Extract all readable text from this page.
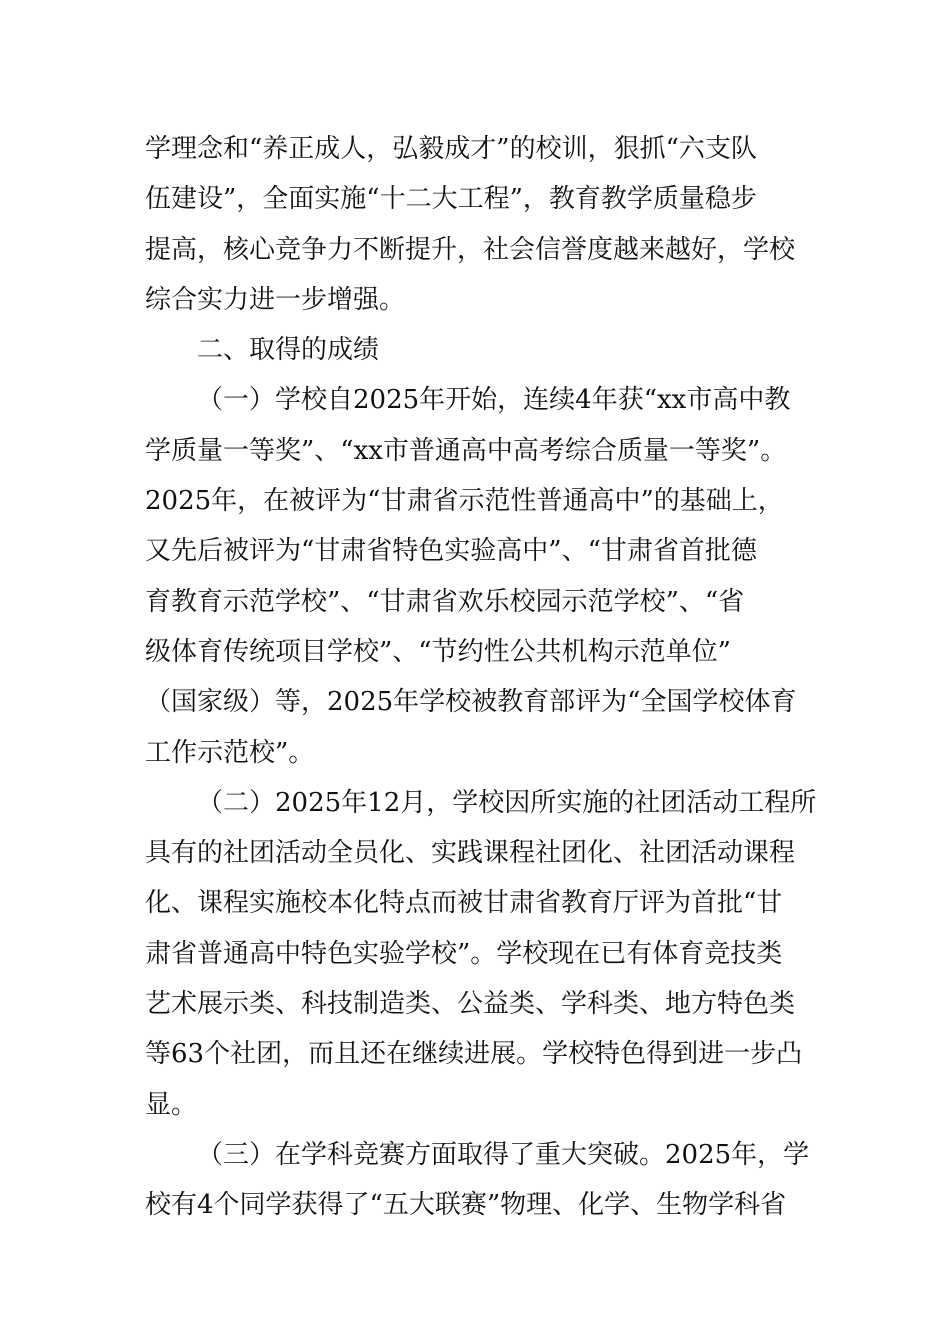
学理念和“养正成人，弘毅成才”的校训，狠抓“六支队

伍建设”，全面实施“十二大工程”，教育教学质量稳步

提高，核心竞争力不断提升，社会信誉度越来越好，学校

综合实力进一步增强。

二、取得的成绩

（一）学校自2025年开始，连续4年获“xx市高中教

学质量一等奖”、“xx市普通高中高考综合质量一等奖”。

2025年，在被评为“甘肃省示范性普通高中”的基础上，

又先后被评为“甘肃省特色实验高中”、“甘肃省首批德

育教育示范学校”、“甘肃省欢乐校园示范学校”、“省

级体育传统项目学校”、“节约性公共机构示范单位”

（国家级）等，2025年学校被教育部评为“全国学校体育

工作示范校”。

（二）2025年12月，学校因所实施的社团活动工程所

具有的社团活动全员化、实践课程社团化、社团活动课程

化、课程实施校本化特点而被甘肃省教育厅评为首批“甘

肃省普通高中特色实验学校”。学校现在已有体育竞技类

艺术展示类、科技制造类、公益类、学科类、地方特色类

等63个社团，而且还在继续进展。学校特色得到进一步凸

显。

（三）在学科竞赛方面取得了重大突破。2025年，学

校有4个同学获得了“五大联赛”物理、化学、生物学科省
